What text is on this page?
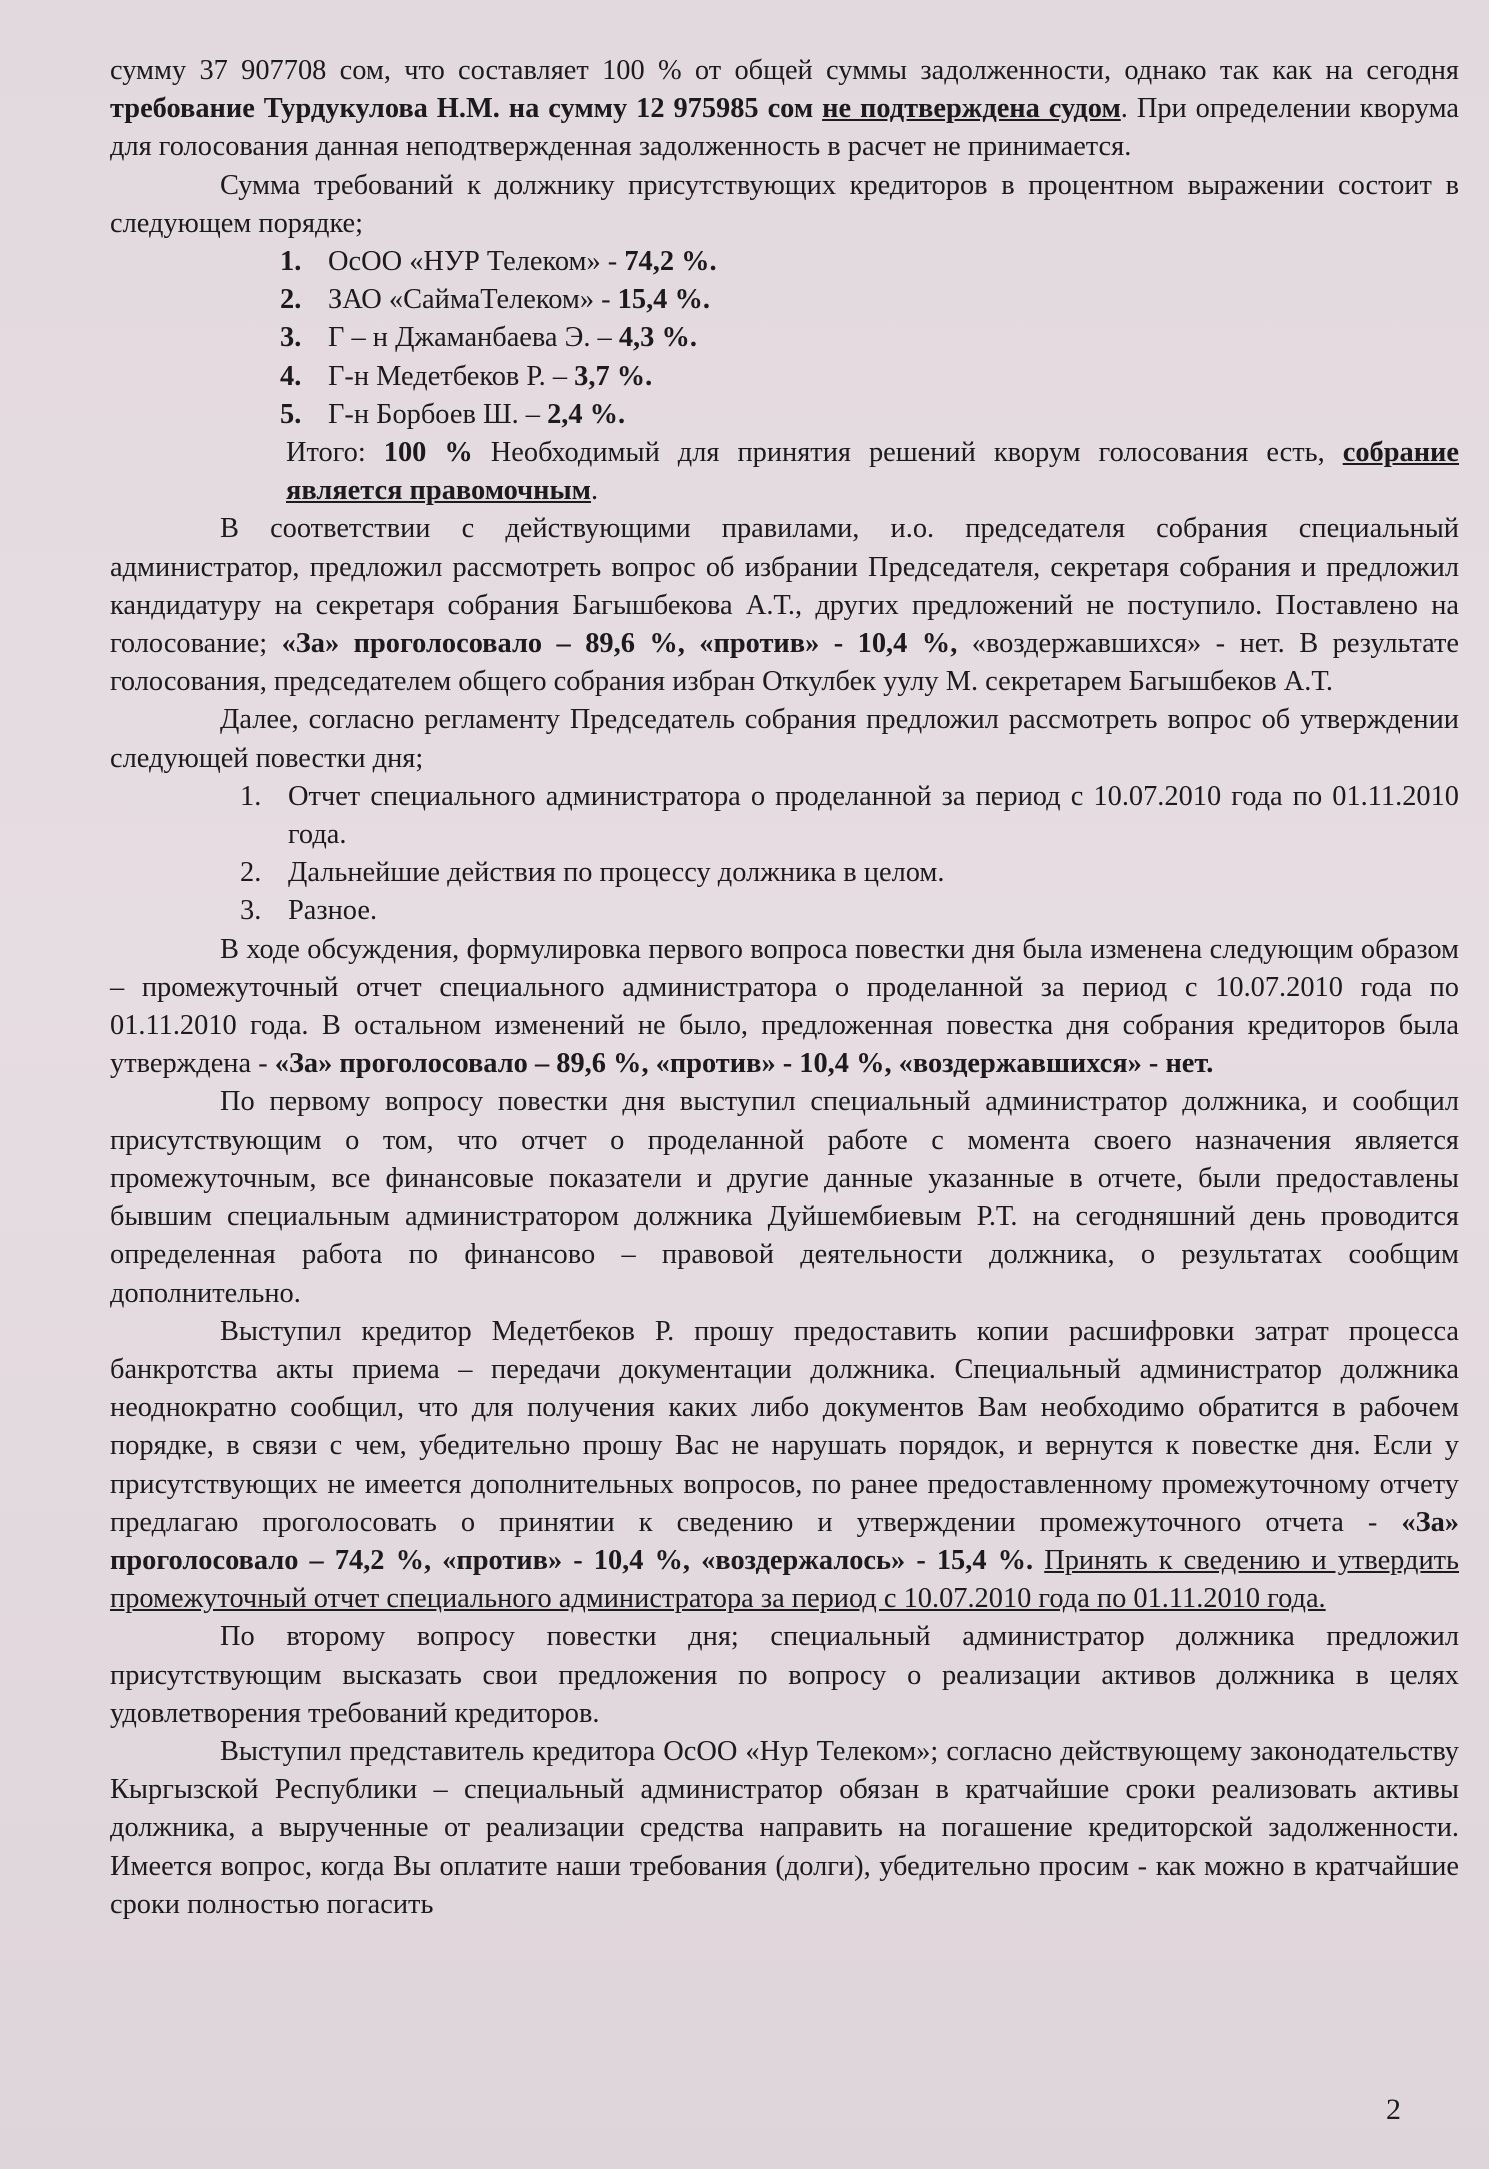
сумму 37 907708 сом, что составляет 100 % от общей суммы задолженности, однако так как на сегодня требование Турдукулова Н.М. на сумму 12 975985 сом не подтверждена судом. При определении кворума для голосования данная неподтвержденная задолженность в расчет не принимается.

Сумма требований к должнику присутствующих кредиторов в процентном выражении состоит в следующем порядке;

1. ОсОО «НУР Телеком» - 74,2 %.
2. ЗАО «СаймаТелеком» - 15,4 %.
3. Г – н Джаманбаева Э. – 4,3 %.
4. Г-н Медетбеков Р. – 3,7 %.
5. Г-н Борбоев Ш. – 2,4 %.

Итого: 100 % Необходимый для принятия решений кворум голосования есть, собрание является правомочным.

В соответствии с действующими правилами, и.о. председателя собрания специальный администратор, предложил рассмотреть вопрос об избрании Председателя, секретаря собрания и предложил кандидатуру на секретаря собрания Багышбекова А.Т., других предложений не поступило. Поставлено на голосование; «За» проголосовало – 89,6 %, «против» - 10,4 %, «воздержавшихся» - нет. В результате голосования, председателем общего собрания избран Откулбек уулу М. секретарем Багышбеков А.Т.

Далее, согласно регламенту Председатель собрания предложил рассмотреть вопрос об утверждении следующей повестки дня;

1. Отчет специального администратора о проделанной за период с 10.07.2010 года по 01.11.2010 года.
2. Дальнейшие действия по процессу должника в целом.
3. Разное.

В ходе обсуждения, формулировка первого вопроса повестки дня была изменена следующим образом – промежуточный отчет специального администратора о проделанной за период с 10.07.2010 года по 01.11.2010 года. В остальном изменений не было, предложенная повестка дня собрания кредиторов была утверждена - «За» проголосовало – 89,6 %, «против» - 10,4 %, «воздержавшихся» - нет.

По первому вопросу повестки дня выступил специальный администратор должника, и сообщил присутствующим о том, что отчет о проделанной работе с момента своего назначения является промежуточным, все финансовые показатели и другие данные указанные в отчете, были предоставлены бывшим специальным администратором должника Дуйшембиевым Р.Т. на сегодняшний день проводится определенная работа по финансово – правовой деятельности должника, о результатах сообщим дополнительно.

Выступил кредитор Медетбеков Р. прошу предоставить копии расшифровки затрат процесса банкротства акты приема – передачи документации должника. Специальный администратор должника неоднократно сообщил, что для получения каких либо документов Вам необходимо обратится в рабочем порядке, в связи с чем, убедительно прошу Вас не нарушать порядок, и вернутся к повестке дня. Если у присутствующих не имеется дополнительных вопросов, по ранее предоставленному промежуточному отчету предлагаю проголосовать о принятии к сведению и утверждении промежуточного отчета - «За» проголосовало – 74,2 %, «против» - 10,4 %, «воздержалось» - 15,4 %. Принять к сведению и утвердить промежуточный отчет специального администратора за период с 10.07.2010 года по 01.11.2010 года.

По второму вопросу повестки дня; специальный администратор должника предложил присутствующим высказать свои предложения по вопросу о реализации активов должника в целях удовлетворения требований кредиторов.

Выступил представитель кредитора ОсОО «Нур Телеком»; согласно действующему законодательству Кыргызской Республики – специальный администратор обязан в кратчайшие сроки реализовать активы должника, а вырученные от реализации средства направить на погашение кредиторской задолженности. Имеется вопрос, когда Вы оплатите наши требования (долги), убедительно просим - как можно в кратчайшие сроки полностью погасить

2
